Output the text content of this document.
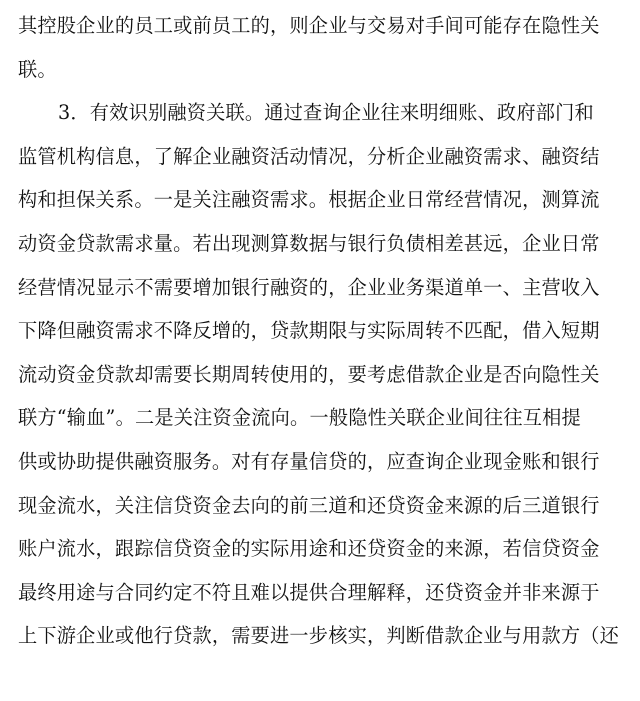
其控股企业的员工或前员工的，则企业与交易对手间可能存在隐性关
联。
3．有效识别融资关联。通过查询企业往来明细账、政府部门和
监管机构信息，了解企业融资活动情况，分析企业融资需求、融资结
构和担保关系。一是关注融资需求。根据企业日常经营情况，测算流
动资金贷款需求量。若出现测算数据与银行负债相差甚远，企业日常
经营情况显示不需要增加银行融资的，企业业务渠道单一、主营收入
下降但融资需求不降反增的，贷款期限与实际周转不匹配，借入短期
流动资金贷款却需要长期周转使用的，要考虑借款企业是否向隐性关
联方“输血”。二是关注资金流向。一般隐性关联企业间往往互相提
供或协助提供融资服务。对有存量信贷的，应查询企业现金账和银行
现金流水，关注信贷资金去向的前三道和还贷资金来源的后三道银行
账户流水，跟踪信贷资金的实际用途和还贷资金的来源，若信贷资金
最终用途与合同约定不符且难以提供合理解释，还贷资金并非来源于
上下游企业或他行贷款，需要进一步核实，判断借款企业与用款方（还
